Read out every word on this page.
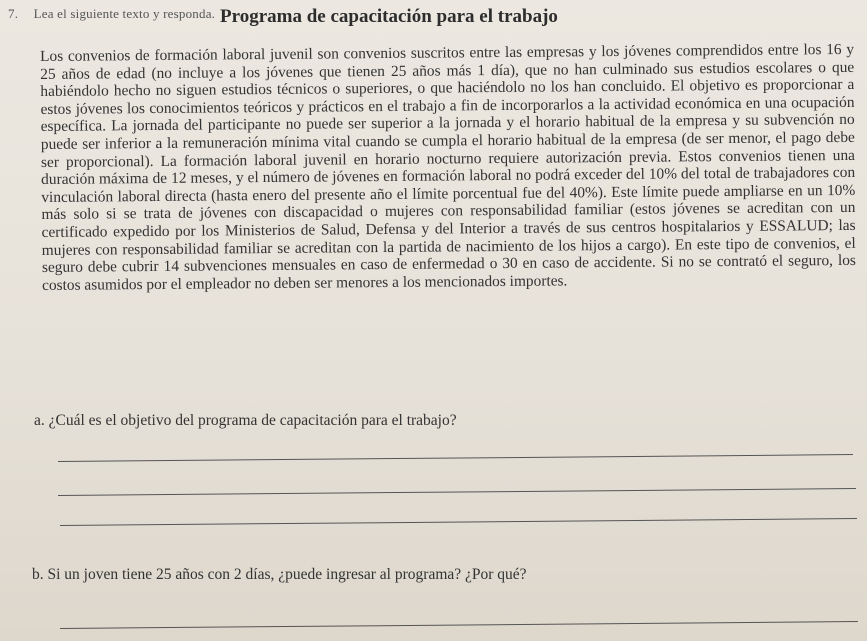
7. Lea el siguiente texto y responda. Programa de capacitación para el trabajo
Los convenios de formación laboral juvenil son convenios suscritos entre las empresas y los jóvenes comprendidos entre los 16 y 25 años de edad (no incluye a los jóvenes que tienen 25 años más 1 día), que no han culminado sus estudios escolares o que habiéndolo hecho no siguen estudios técnicos o superiores, o que haciéndolo no los han concluido. El objetivo es proporcionar a estos jóvenes los conocimientos teóricos y prácticos en el trabajo a fin de incorporarlos a la actividad económica en una ocupación específica. La jornada del participante no puede ser superior a la jornada y el horario habitual de la empresa y su subvención no puede ser inferior a la remuneración mínima vital cuando se cumpla el horario habitual de la empresa (de ser menor, el pago debe ser proporcional). La formación laboral juvenil en horario nocturno requiere autorización previa. Estos convenios tienen una duración máxima de 12 meses, y el número de jóvenes en formación laboral no podrá exceder del 10% del total de trabajadores con vinculación laboral directa (hasta enero del presente año el límite porcentual fue del 40%). Este límite puede ampliarse en un 10% más solo si se trata de jóvenes con discapacidad o mujeres con responsabilidad familiar (estos jóvenes se acreditan con un certificado expedido por los Ministerios de Salud, Defensa y del Interior a través de sus centros hospitalarios y ESSALUD; las mujeres con responsabilidad familiar se acreditan con la partida de nacimiento de los hijos a cargo). En este tipo de convenios, el seguro debe cubrir 14 subvenciones mensuales en caso de enfermedad o 30 en caso de accidente. Si no se contrató el seguro, los costos asumidos por el empleador no deben ser menores a los mencionados importes.
a. ¿Cuál es el objetivo del programa de capacitación para el trabajo?
b. Si un joven tiene 25 años con 2 días, ¿puede ingresar al programa? ¿Por qué?
